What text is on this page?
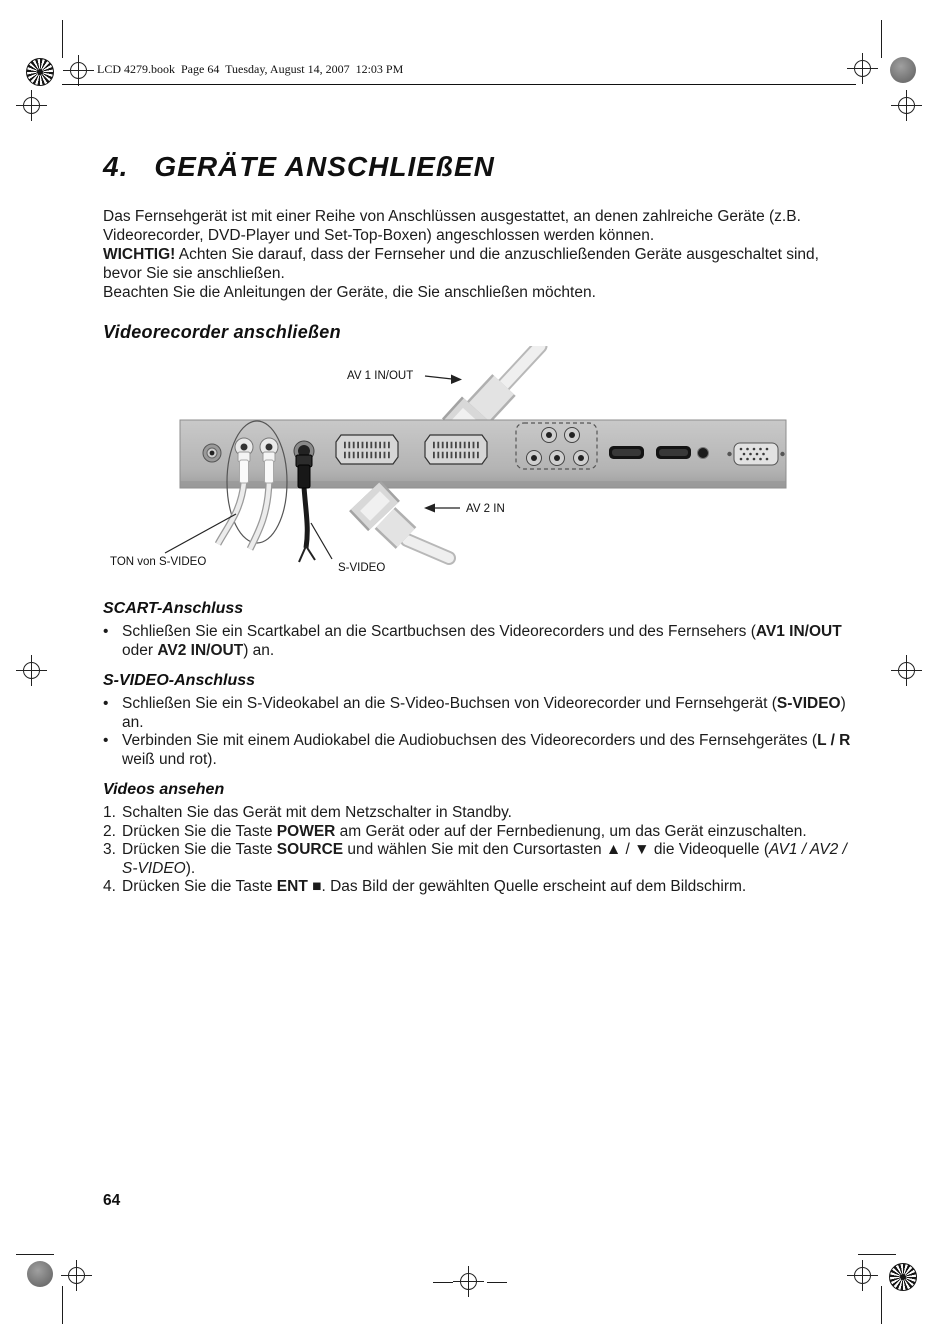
LCD 4279.book  Page 64  Tuesday, August 14, 2007  12:03 PM
4. GERÄTE ANSCHLIEßEN

Das Fernsehgerät ist mit einer Reihe von Anschlüssen ausgestattet, an denen zahlreiche Geräte (z.B. Videorecorder, DVD-Player und Set-Top-Boxen) angeschlossen werden können.

WICHTIG! Achten Sie darauf, dass der Fernseher und die anzuschließenden Geräte ausgeschaltet sind, bevor Sie sie anschließen.

Beachten Sie die Anleitungen der Geräte, die Sie anschließen möchten.

Videorecorder anschließen
AV 1 IN/OUT
AV 2 IN
TON von S-VIDEO	S-VIDEO
SCART-Anschluss
• Schließen Sie ein Scartkabel an die Scartbuchsen des Videorecorders und des Fernsehers (AV1 IN/OUT oder AV2 IN/OUT) an.
S-VIDEO-Anschluss
• Schließen Sie ein S-Videokabel an die S-Video-Buchsen von Videorecorder und Fernsehgerät (S-VIDEO) an.
• Verbinden Sie mit einem Audiokabel die Audiobuchsen des Videorecorders und des Fernsehgerätes (L / R weiß und rot).
Videos ansehen
1. Schalten Sie das Gerät mit dem Netzschalter in Standby.
2. Drücken Sie die Taste POWER am Gerät oder auf der Fernbedienung, um das Gerät einzuschalten.
3. Drücken Sie die Taste SOURCE und wählen Sie mit den Cursortasten ▲ / ▼ die Videoquelle (AV1 / AV2 / S-VIDEO).
4. Drücken Sie die Taste ENT ■. Das Bild der gewählten Quelle erscheint auf dem Bildschirm.
64
